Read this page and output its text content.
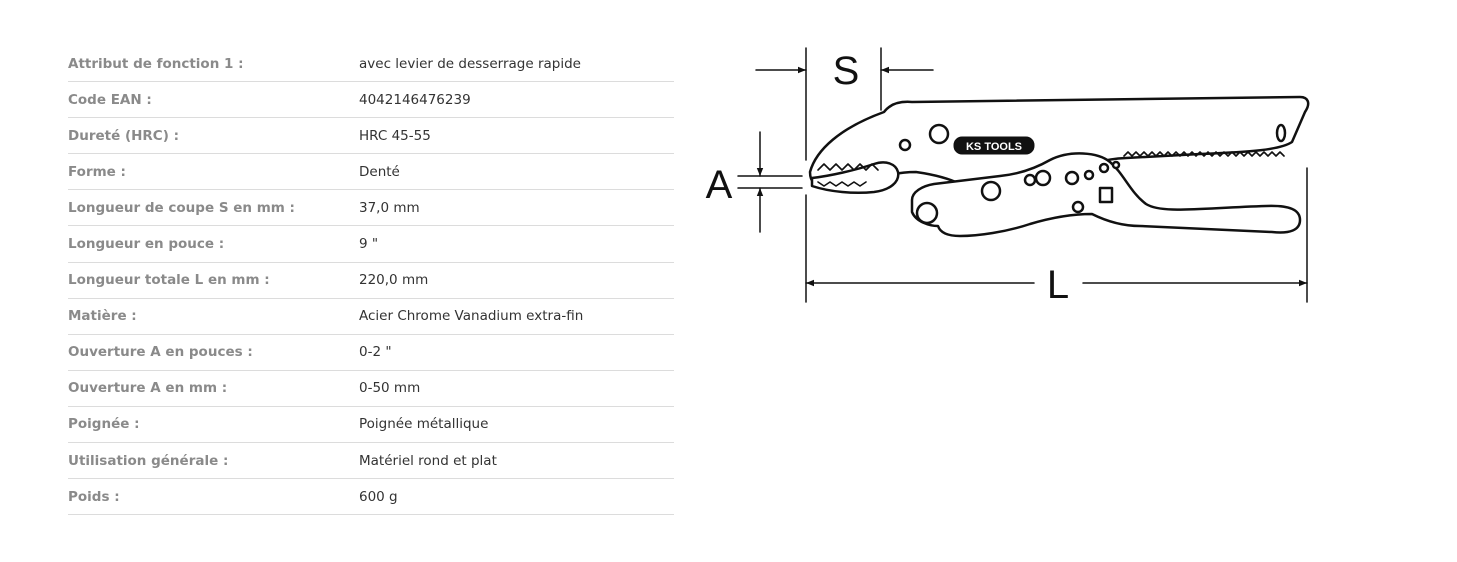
Attribut de fonction 1 :	avec levier de desserrage rapide
Code EAN :	4042146476239
Dureté (HRC) :	HRC 45-55
Forme :	Denté
Longueur de coupe S en mm :	37,0 mm
Longueur en pouce :	9 "
Longueur totale L en mm :	220,0 mm
Matière :	Acier Chrome Vanadium extra-fin
Ouverture A en pouces :	0-2 "
Ouverture A en mm :	0-50 mm
Poignée :	Poignée métallique
Utilisation générale :	Matériel rond et plat
Poids :	600 g
S
A
L
KS TOOLS
